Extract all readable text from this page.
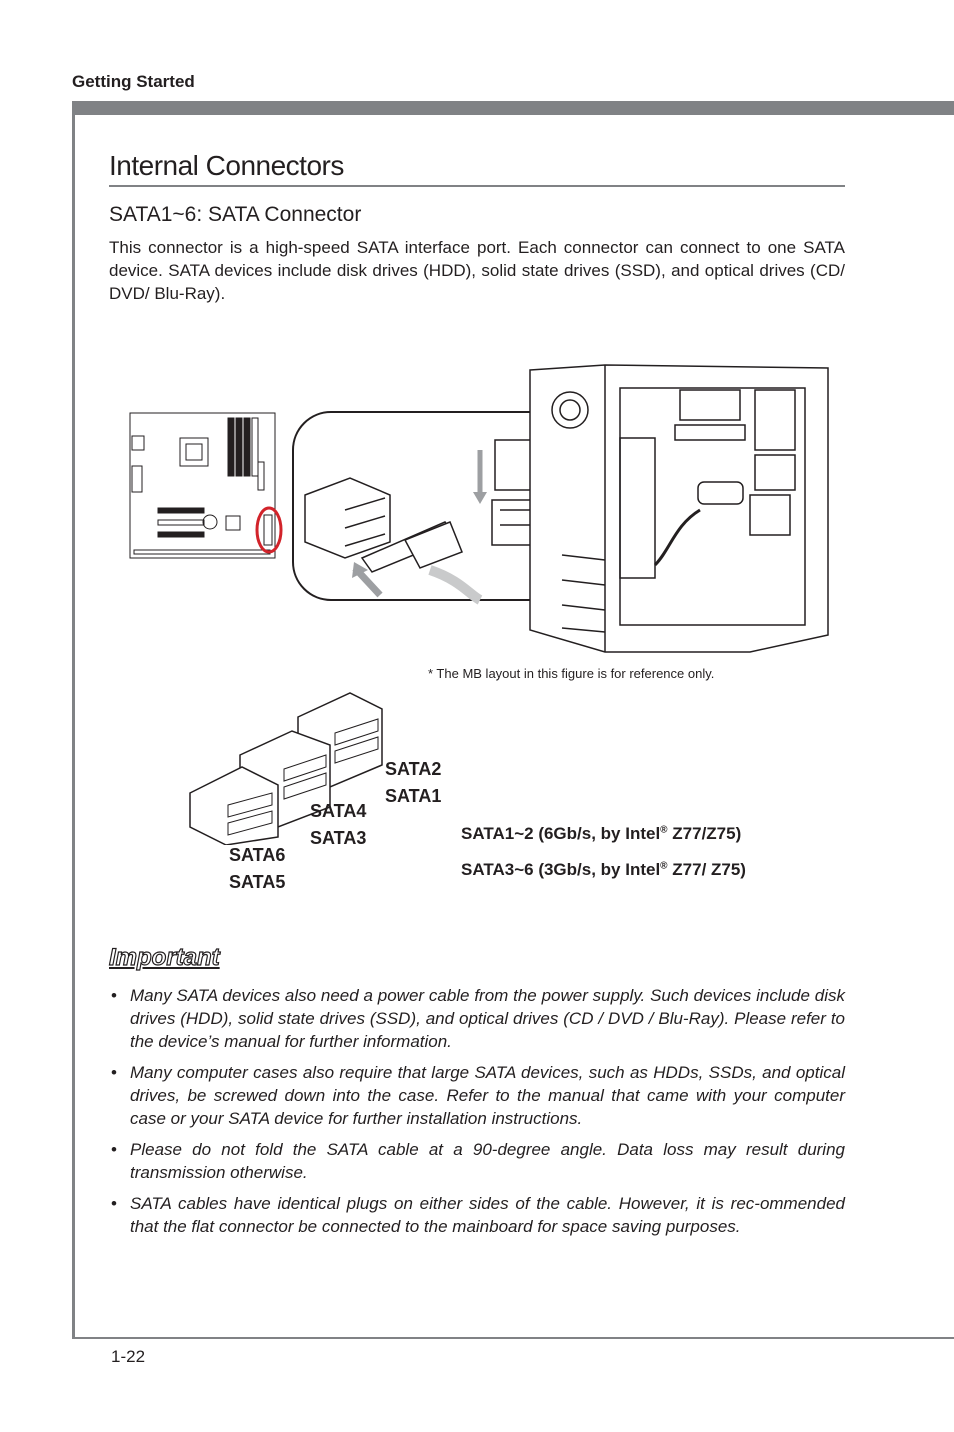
Getting Started
Internal Connectors
SATA1~6: SATA Connector

This connector is a high-speed SATA interface port. Each connector can connect to one SATA device. SATA devices include disk drives (HDD), solid state drives (SSD), and optical drives (CD/ DVD/ Blu-Ray).

* The MB layout in this figure is for reference only.
SATA2
SATA1
SATA4
SATA3
SATA6
SATA5
SATA1~2 (6Gb/s, by Intel® Z77/Z75)
SATA3~6 (3Gb/s, by Intel® Z77/ Z75)
Important
• Many SATA devices also need a power cable from the power supply. Such devices include disk drives (HDD), solid state drives (SSD), and optical drives (CD / DVD / Blu-Ray). Please refer to the device’s manual for further information.
• Many computer cases also require that large SATA devices, such as HDDs, SSDs, and optical drives, be screwed down into the case. Refer to the manual that came with your computer case or your SATA device for further installation instructions.
• Please do not fold the SATA cable at a 90-degree angle. Data loss may result during transmission otherwise.
• SATA cables have identical plugs on either sides of the cable. However, it is rec-ommended that the flat connector be connected to the mainboard for space saving purposes.
1-22
